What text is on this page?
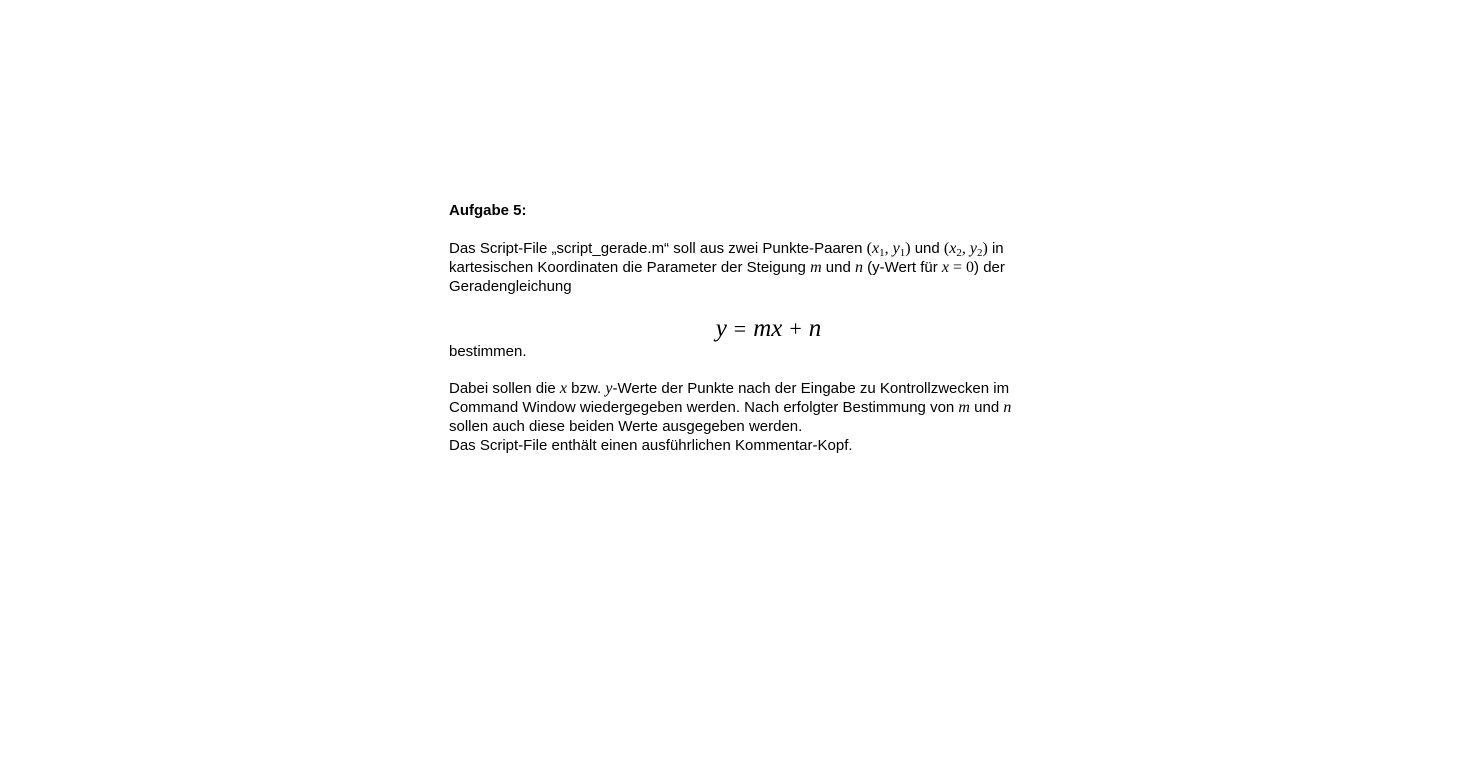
Aufgabe 5:
Das Script-File „script_gerade.m“ soll aus zwei Punkte-Paaren ($x_1$, $y_1$) und ($x_2$, $y_2$) in
kartesischen Koordinaten die Parameter der Steigung m und n (y-Wert für x = 0) der
Geradengleichung
y = mx + n
bestimmen.
Dabei sollen die x bzw. y-Werte der Punkte nach der Eingabe zu Kontrollzwecken im
Command Window wiedergegeben werden. Nach erfolgter Bestimmung von m und n
sollen auch diese beiden Werte ausgegeben werden.
Das Script-File enthält einen ausführlichen Kommentar-Kopf.
